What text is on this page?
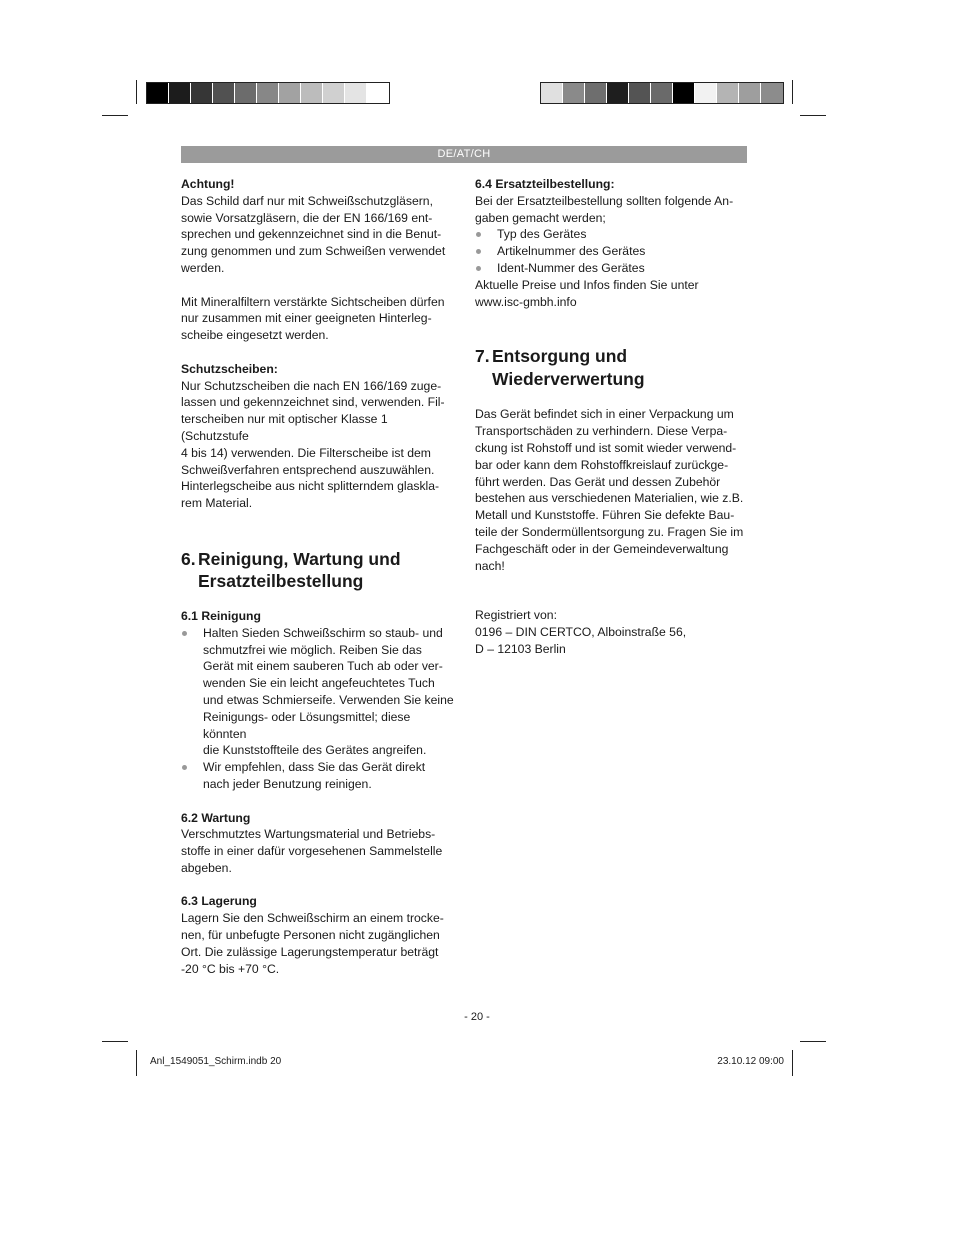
DE/AT/CH

Achtung!

Das Schild darf nur mit Schweißschutzgläsern,

sowie Vorsatzgläsern, die der EN 166/169 ent-

sprechen und gekennzeichnet sind in die Benut-

zung genommen und zum Schweißen verwendet

werden.

Mit Mineralfiltern verstärkte Sichtscheiben dürfen

nur zusammen mit einer geeigneten Hinterleg-

scheibe eingesetzt werden.

Schutzscheiben:

Nur Schutzscheiben die nach EN 166/169 zuge-

lassen und gekennzeichnet sind, verwenden. Fil-

terscheiben nur mit optischer Klasse 1 (Schutzstufe

4 bis 14) verwenden. Die Filterscheibe ist dem

Schweißverfahren entsprechend auszuwählen.

Hinterlegscheibe aus nicht splitterndem glaskla-

rem Material.

6. Reinigung, Wartung und
Ersatzteilbestellung

6.1 Reinigung

Halten Sieden Schweißschirm so staub- und
schmutzfrei wie möglich. Reiben Sie das
Gerät mit einem sauberen Tuch ab oder ver-
wenden Sie ein leicht angefeuchtetes Tuch
und etwas Schmierseife. Verwenden Sie keine
Reinigungs- oder Lösungsmittel; diese könnten
die Kunststoffteile des Gerätes angreifen.
Wir empfehlen, dass Sie das Gerät direkt
nach jeder Benutzung reinigen.

6.2 Wartung

Verschmutztes Wartungsmaterial und Betriebs-

stoffe in einer dafür vorgesehenen Sammelstelle

abgeben.

6.3 Lagerung

Lagern Sie den Schweißschirm an einem trocke-

nen, für unbefugte Personen nicht zugänglichen

Ort. Die zulässige Lagerungstemperatur beträgt

-20 °C bis +70 °C.

6.4 Ersatzteilbestellung:

Bei der Ersatzteilbestellung sollten folgende An-

gaben gemacht werden;

Typ des Gerätes
Artikelnummer des Gerätes
Ident-Nummer des Gerätes

Aktuelle Preise und Infos finden Sie unter

www.isc-gmbh.info

7. Entsorgung und
Wiederverwertung

Das Gerät befindet sich in einer Verpackung um

Transportschäden zu verhindern. Diese Verpa-

ckung ist Rohstoff und ist somit wieder verwend-

bar oder kann dem Rohstoffkreislauf zurückge-

führt werden. Das Gerät und dessen Zubehör

bestehen aus verschiedenen Materialien, wie z.B.

Metall und Kunststoffe. Führen Sie defekte Bau-

teile der Sondermüllentsorgung zu. Fragen Sie im

Fachgeschäft oder in der Gemeindeverwaltung

nach!

Registriert von:

0196 – DIN CERTCO, Alboinstraße 56,

D – 12103 Berlin

- 20 -
Anl_1549051_Schirm.indb 20	23.10.12 09:00
